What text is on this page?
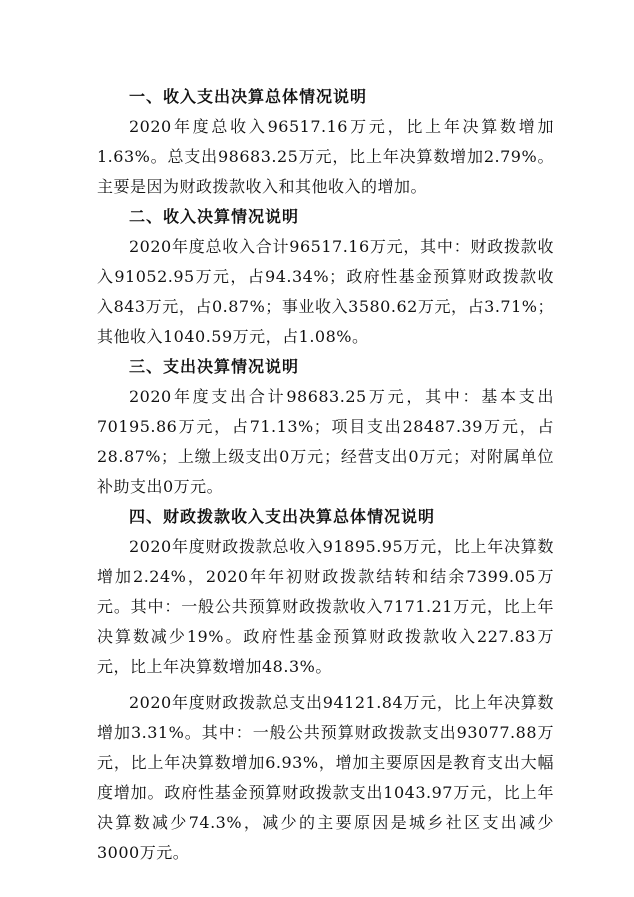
一、收入支出决算总体情况说明

2020年度总收入96517.16万元，比上年决算数增加1.63%。总支出98683.25万元，比上年决算数增加2.79%。主要是因为财政拨款收入和其他收入的增加。

二、收入决算情况说明

2020年度总收入合计96517.16万元，其中：财政拨款收入91052.95万元，占94.34%；政府性基金预算财政拨款收入843万元，占0.87%；事业收入3580.62万元，占3.71%；其他收入1040.59万元，占1.08%。

三、支出决算情况说明

2020年度支出合计98683.25万元，其中：基本支出70195.86万元，占71.13%；项目支出28487.39万元，占28.87%；上缴上级支出0万元；经营支出0万元；对附属单位补助支出0万元。

四、财政拨款收入支出决算总体情况说明

2020年度财政拨款总收入91895.95万元，比上年决算数增加2.24%，2020年年初财政拨款结转和结余7399.05万元。其中：一般公共预算财政拨款收入7171.21万元，比上年决算数减少19%。政府性基金预算财政拨款收入227.83万元，比上年决算数增加48.3%。

2020年度财政拨款总支出94121.84万元，比上年决算数增加3.31%。其中：一般公共预算财政拨款支出93077.88万元，比上年决算数增加6.93%，增加主要原因是教育支出大幅度增加。政府性基金预算财政拨款支出1043.97万元，比上年决算数减少74.3%，减少的主要原因是城乡社区支出减少3000万元。
